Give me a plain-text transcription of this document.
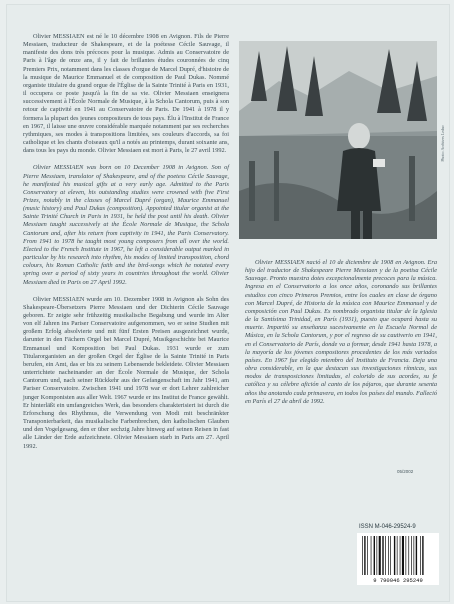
Olivier MESSIAEN est né le 10 décembre 1908 en Avignon. Fils de Pierre Messiaen, traducteur de Shakespeare, et de la poétesse Cécile Sauvage, il manifeste des dons très précoces pour la musique. Admis au Conservatoire de Paris à l'âge de onze ans, il y fait de brillantes études couronnées de cinq Premiers Prix, notamment dans les classes d'orgue de Marcel Dupré, d'histoire de la musique de Maurice Emmanuel et de composition de Paul Dukas. Nommé organiste titulaire du grand orgue de l'Église de la Sainte Trinité à Paris en 1931, il occupera ce poste jusqu'à la fin de sa vie. Olivier Messiaen enseignera successivement à l'École Normale de Musique, à la Schola Cantorum, puis à son retour de captivité en 1941 au Conservatoire de Paris. De 1941 à 1978 il y formera la plupart des jeunes compositeurs de tous pays. Élu à l'Institut de France en 1967, il laisse une œuvre considérable marquée notamment par ses recherches rythmiques, ses modes à transpositions limitées, ses couleurs d'accords, sa foi catholique et les chants d'oiseaux qu'il a notés au printemps, durant soixante ans, dans tous les pays du monde. Olivier Messiaen est mort à Paris, le 27 avril 1992.

Olivier MESSIAEN was born on 10 December 1908 in Avignon. Son of Pierre Messiaen, translator of Shakespeare, and of the poetess Cécile Sauvage, he manifested his musical gifts at a very early age. Admitted to the Paris Conservatory at eleven, his outstanding studies were crowned with five First Prizes, notably in the classes of Marcel Dupré (organ), Maurice Emmanuel (music history) and Paul Dukas (composition). Appointed titular organist at the Sainte Trinité Church in Paris in 1931, he held the post until his death. Olivier Messiaen taught successively at the École Normale de Musique, the Schola Cantorum and, after his return from captivity in 1941, the Paris Conservatory. From 1941 to 1978 he taught most young composers from all over the world. Elected to the French Institute in 1967, he left a considerable output marked in particular by his research into rhythm, his modes of limited transposition, chord colours, his Roman Catholic faith and the bird-songs which he notated every spring over a period of sixty years in countries throughout the world. Olivier Messiaen died in Paris on 27 April 1992.

Olivier MESSIAEN wurde am 10. Dezember 1908 in Avignon als Sohn des Shakespeare-Übersetzers Pierre Messiaen und der Dichterin Cécile Sauvage geboren. Er zeigte sehr frühzeitig musikalische Begabung und wurde im Alter von elf Jahren ins Pariser Conservatoire aufgenommen, wo er seine Studien mit großem Erfolg absolvierte und mit fünf Ersten Preisen ausgezeichnet wurde, darunter in den Fächern Orgel bei Marcel Dupré, Musikgeschichte bei Maurice Emmanuel und Komposition bei Paul Dukas. 1931 wurde er zum Titularorganisten an der großen Orgel der Église de la Sainte Trinité in Paris berufen, ein Amt, das er bis zu seinem Lebensende bekleidete. Olivier Messiaen unterrichtete nacheinander an der École Normale de Musique, der Schola Cantorum und, nach seiner Rückkehr aus der Gefangenschaft im Jahr 1941, am Pariser Conservatoire. Zwischen 1941 und 1978 war er dort Lehrer zahlreicher junger Komponisten aus aller Welt. 1967 wurde er ins Institut de France gewählt. Er hinterläßt ein umfangreiches Werk, das besonders charakterisiert ist durch die Erforschung des Rhythmus, die Verwendung von Modi mit beschränkter Transponierbarkeit, das musikalische Farbenbrechen, den katholischen Glauben und den Vogelgesang, den er über sechzig Jahre hinweg auf seinen Reisen in fast alle Länder der Erde aufzeichnete. Olivier Messiaen starb in Paris am 27. April 1992.

Photo: Archives Leduc

Olivier MESSIAEN nació el 10 de diciembre de 1908 en Avignon. Era hijo del traductor de Shakespeare Pierre Messiaen y de la poetisa Cécile Sauvage. Pronto muestra dotes excepcionalmente precoces para la música. Ingresa en el Conservatorio a los once años, coronando sus brillantes estudios con cinco Primeros Premios, entre los cuales en clase de órgano con Marcel Dupré, de Historia de la música con Maurice Emmanuel y de composición con Paul Dukas. Es nombrado organista titular de la Iglesia de la Santísima Trinidad, en París (1931), puesto que ocupará hasta su muerte. Impartió su enseñanza sucesivamente en la Escuela Normal de Música, en la Schola Cantorum, y por el regreso de su cautiverio en 1941, en el Conservatorio de París, donde va a formar, desde 1941 hasta 1978, a la mayoría de los jóvenes compositores procedentes de los más variados países. En 1967 fue elegido miembro del Instituto de Francia. Deja una obra considerable, en la que destacan sus investigaciones rítmicas, sus modos de transposiciones limitadas, el colorido de sus acordes, su fe católica y su célebre afición al canto de los pájaros, que durante sesenta años iba anotando cada primavera, en todos los países del mundo. Falleció en París el 27 de abril de 1992.

05/2002
ISSN M-046-29524-9
9 790046 295249
